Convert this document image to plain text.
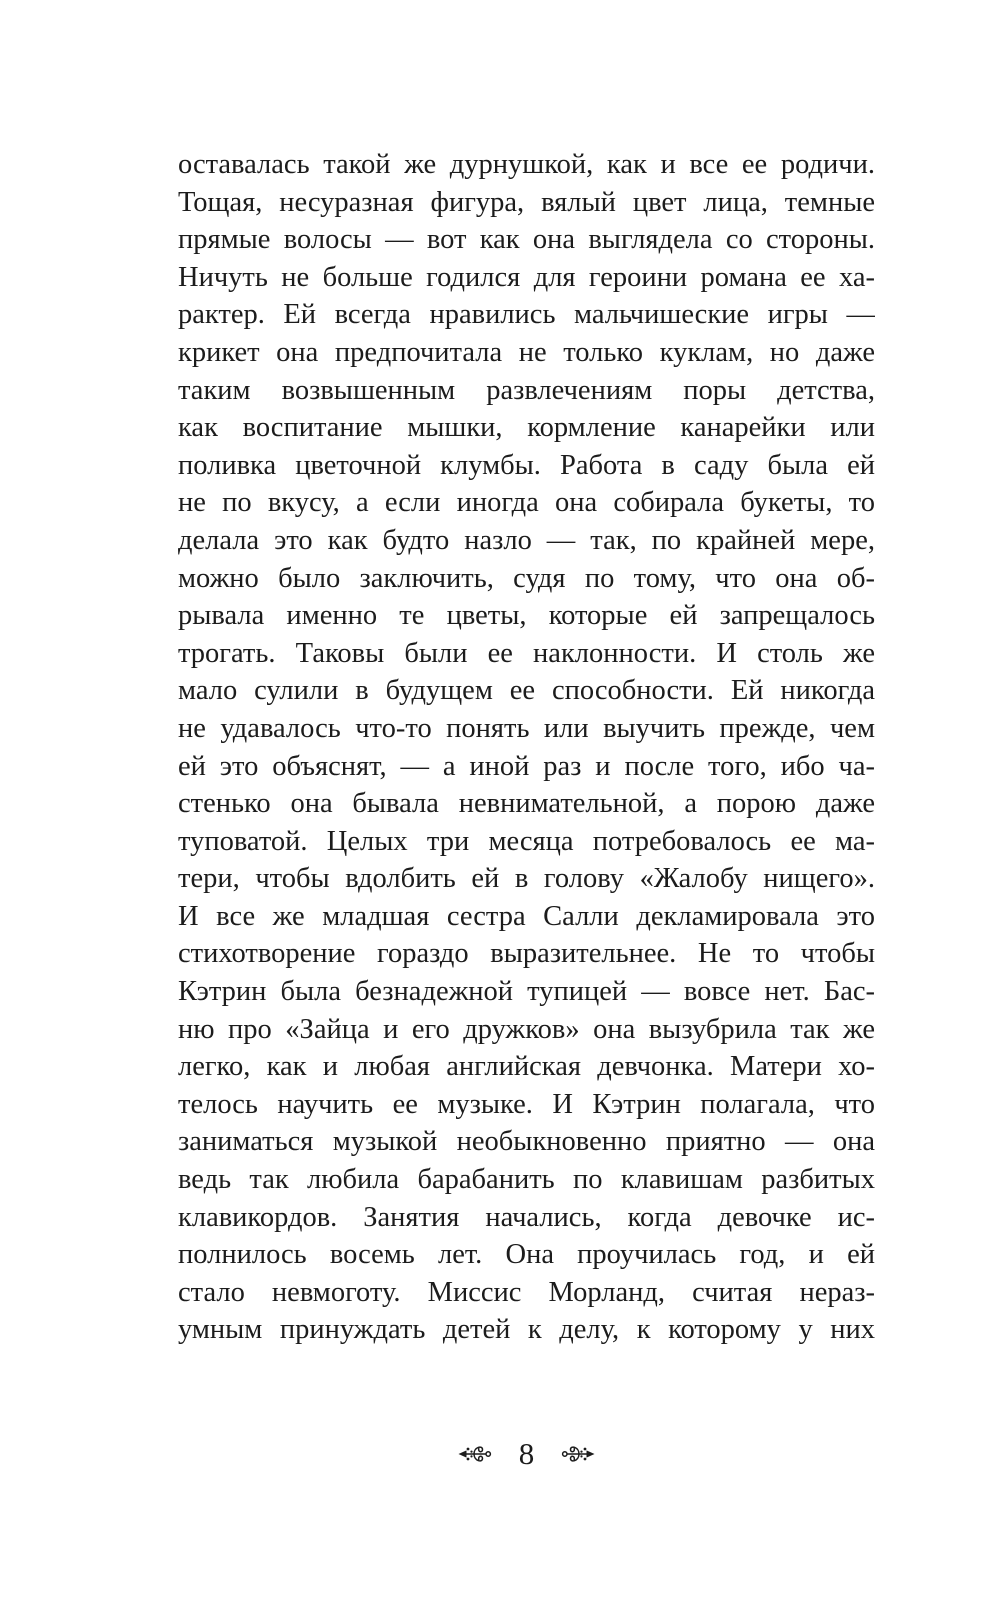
оставалась такой же дурнушкой, как и все ее родичи.
Тощая, несуразная фигура, вялый цвет лица, темные
прямые волосы — вот как она выглядела со стороны.
Ничуть не больше годился для героини романа ее ха-
рактер. Ей всегда нравились мальчишеские игры —
крикет она предпочитала не только куклам, но даже
таким возвышенным развлечениям поры детства,
как воспитание мышки, кормление канарейки или
поливка цветочной клумбы. Работа в саду была ей
не по вкусу, а если иногда она собирала букеты, то
делала это как будто назло — так, по крайней мере,
можно было заключить, судя по тому, что она об-
рывала именно те цветы, которые ей запрещалось
трогать. Таковы были ее наклонности. И столь же
мало сулили в будущем ее способности. Ей никогда
не удавалось что-то понять или выучить прежде, чем
ей это объяснят, — а иной раз и после того, ибо ча-
стенько она бывала невнимательной, а порою даже
туповатой. Целых три месяца потребовалось ее ма-
тери, чтобы вдолбить ей в голову «Жалобу нищего».
И все же младшая сестра Салли декламировала это
стихотворение гораздо выразительнее. Не то чтобы
Кэтрин была безнадежной тупицей — вовсе нет. Бас-
ню про «Зайца и его дружков» она вызубрила так же
легко, как и любая английская девчонка. Матери хо-
телось научить ее музыке. И Кэтрин полагала, что
заниматься музыкой необыкновенно приятно — она
ведь так любила барабанить по клавишам разбитых
клавикордов. Занятия начались, когда девочке ис-
полнилось восемь лет. Она проучилась год, и ей
стало невмоготу. Миссис Морланд, считая нераз-
умным принуждать детей к делу, к которому у них
8
